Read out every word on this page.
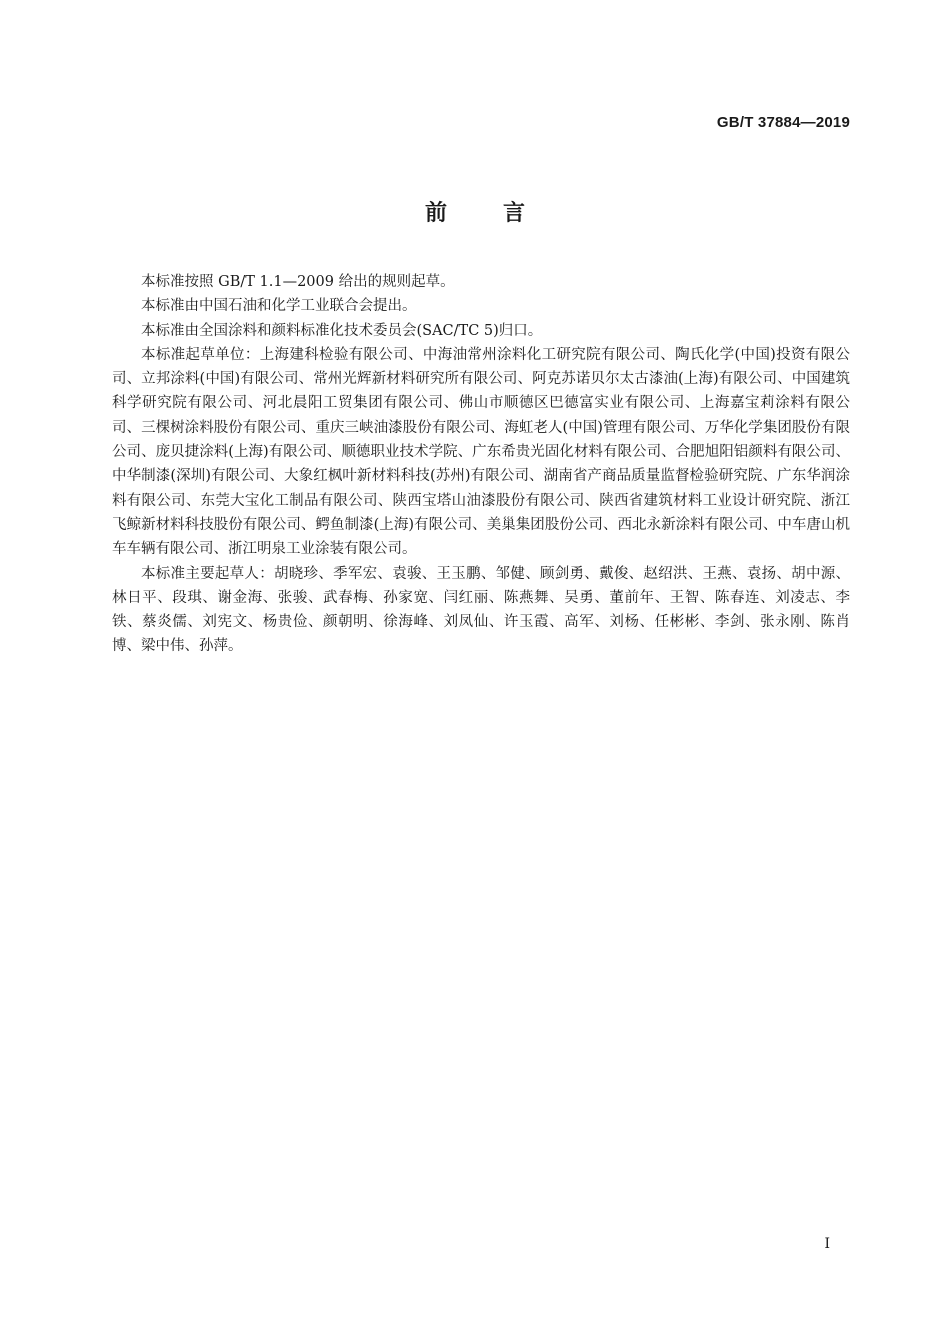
GB/T 37884—2019
前言

本标准按照 GB/T 1.1—2009 给出的规则起草。

本标准由中国石油和化学工业联合会提出。

本标准由全国涂料和颜料标准化技术委员会(SAC/TC 5)归口。

本标准起草单位：上海建科检验有限公司、中海油常州涂料化工研究院有限公司、陶氏化学(中国)投资有限公司、立邦涂料(中国)有限公司、常州光辉新材料研究所有限公司、阿克苏诺贝尔太古漆油(上海)有限公司、中国建筑科学研究院有限公司、河北晨阳工贸集团有限公司、佛山市顺德区巴德富实业有限公司、上海嘉宝莉涂料有限公司、三棵树涂料股份有限公司、重庆三峡油漆股份有限公司、海虹老人(中国)管理有限公司、万华化学集团股份有限公司、庞贝捷涂料(上海)有限公司、顺德职业技术学院、广东希贵光固化材料有限公司、合肥旭阳铝颜料有限公司、中华制漆(深圳)有限公司、大象红枫叶新材料科技(苏州)有限公司、湖南省产商品质量监督检验研究院、广东华润涂料有限公司、东莞大宝化工制品有限公司、陕西宝塔山油漆股份有限公司、陕西省建筑材料工业设计研究院、浙江飞鲸新材料科技股份有限公司、鳄鱼制漆(上海)有限公司、美巢集团股份公司、西北永新涂料有限公司、中车唐山机车车辆有限公司、浙江明泉工业涂装有限公司。

本标准主要起草人：胡晓珍、季军宏、袁骏、王玉鹏、邹健、顾剑勇、戴俊、赵绍洪、王燕、袁扬、胡中源、林日平、段琪、谢金海、张骏、武春梅、孙家宽、闫红丽、陈燕舞、吴勇、董前年、王智、陈春连、刘凌志、李铁、蔡炎儒、刘宪文、杨贵俭、颜朝明、徐海峰、刘凤仙、许玉霞、高军、刘杨、任彬彬、李剑、张永刚、陈肖博、梁中伟、孙萍。

I
